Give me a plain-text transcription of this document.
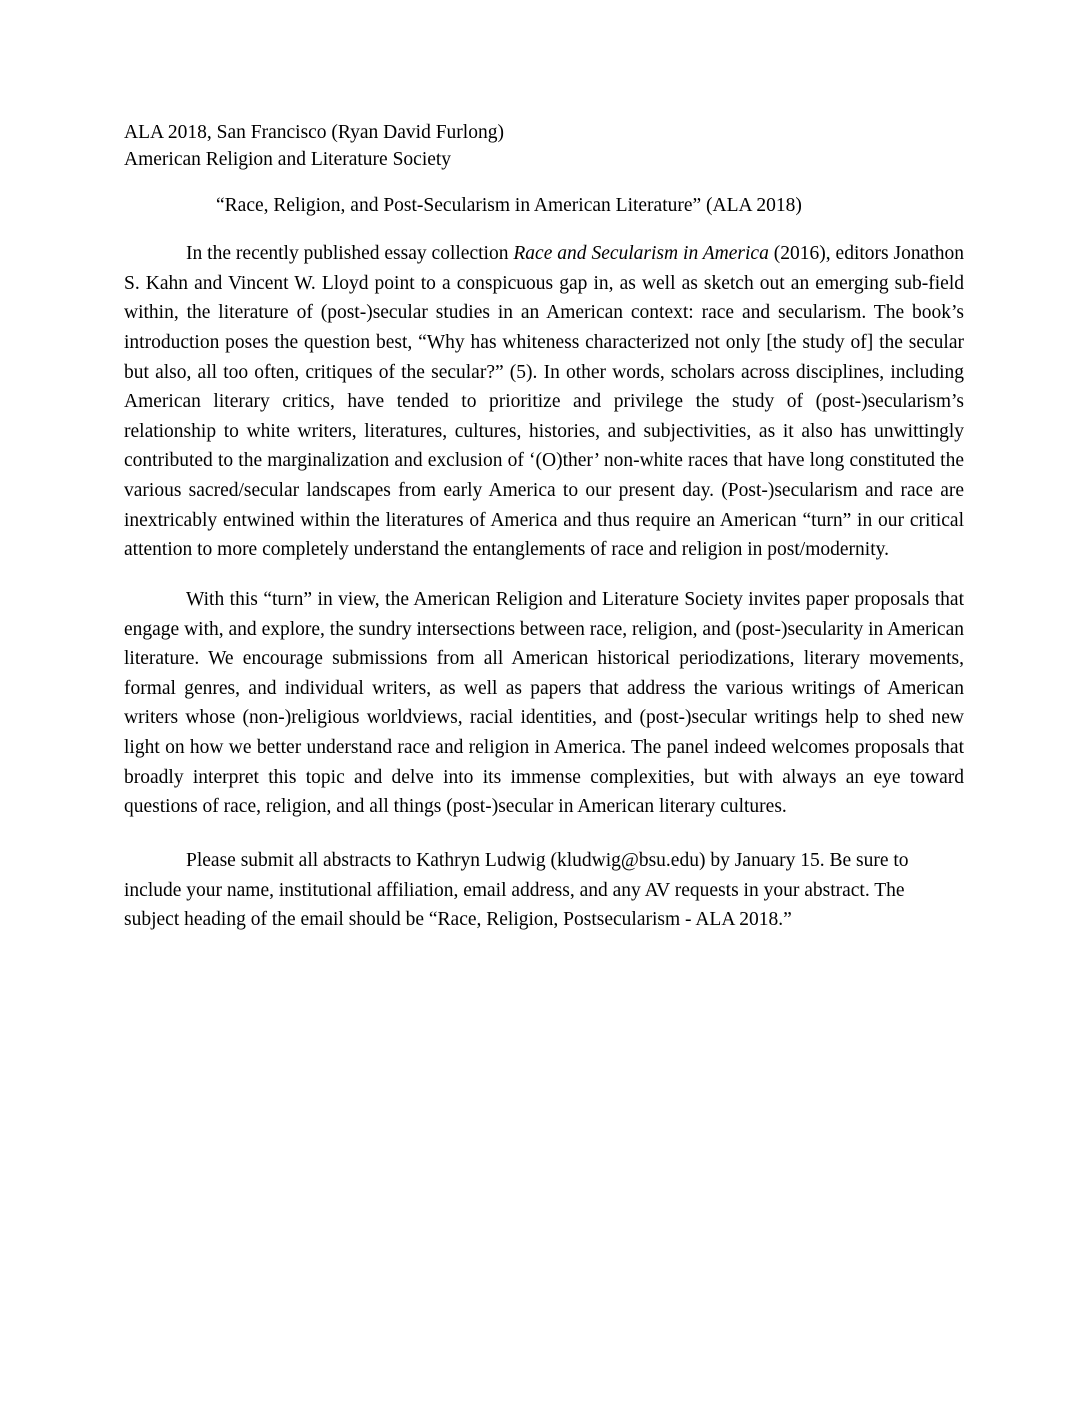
ALA 2018, San Francisco (Ryan David Furlong)
American Religion and Literature Society
“Race, Religion, and Post-Secularism in American Literature” (ALA 2018)

In the recently published essay collection Race and Secularism in America (2016), editors Jonathon S. Kahn and Vincent W. Lloyd point to a conspicuous gap in, as well as sketch out an emerging sub-field within, the literature of (post-)secular studies in an American context: race and secularism. The book’s introduction poses the question best, “Why has whiteness characterized not only [the study of] the secular but also, all too often, critiques of the secular?” (5). In other words, scholars across disciplines, including American literary critics, have tended to prioritize and privilege the study of (post-)secularism’s relationship to white writers, literatures, cultures, histories, and subjectivities, as it also has unwittingly contributed to the marginalization and exclusion of ‘(O)ther’ non-white races that have long constituted the various sacred/secular landscapes from early America to our present day. (Post-)secularism and race are inextricably entwined within the literatures of America and thus require an American “turn” in our critical attention to more completely understand the entanglements of race and religion in post/modernity.

With this “turn” in view, the American Religion and Literature Society invites paper proposals that engage with, and explore, the sundry intersections between race, religion, and (post-)secularity in American literature. We encourage submissions from all American historical periodizations, literary movements, formal genres, and individual writers, as well as papers that address the various writings of American writers whose (non-)religious worldviews, racial identities, and (post-)secular writings help to shed new light on how we better understand race and religion in America. The panel indeed welcomes proposals that broadly interpret this topic and delve into its immense complexities, but with always an eye toward questions of race, religion, and all things (post-)secular in American literary cultures.

Please submit all abstracts to Kathryn Ludwig (kludwig@bsu.edu) by January 15. Be sure to include your name, institutional affiliation, email address, and any AV requests in your abstract. The subject heading of the email should be “Race, Religion, Postsecularism - ALA 2018.”
